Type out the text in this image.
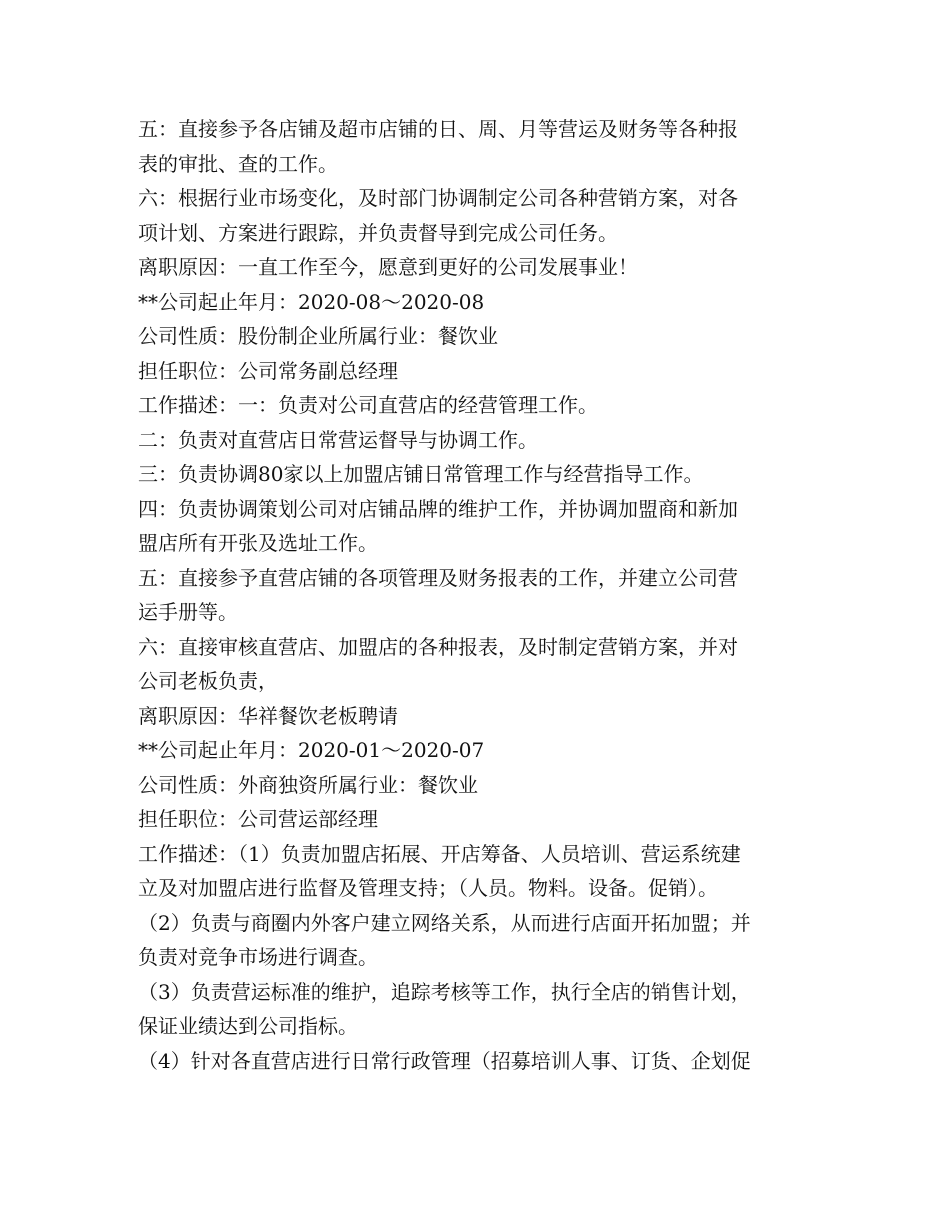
五：直接参予各店铺及超市店铺的日、周、月等营运及财务等各种报
表的审批、查的工作。
六：根据行业市场变化，及时部门协调制定公司各种营销方案，对各
项计划、方案进行跟踪，并负责督导到完成公司任务。
离职原因：一直工作至今，愿意到更好的公司发展事业！
**公司起止年月：2020-08～2020-08
公司性质：股份制企业所属行业：餐饮业
担任职位：公司常务副总经理
工作描述：一：负责对公司直营店的经营管理工作。
二：负责对直营店日常营运督导与协调工作。
三：负责协调80家以上加盟店铺日常管理工作与经营指导工作。
四：负责协调策划公司对店铺品牌的维护工作，并协调加盟商和新加
盟店所有开张及选址工作。
五：直接参予直营店铺的各项管理及财务报表的工作，并建立公司营
运手册等。
六：直接审核直营店、加盟店的各种报表，及时制定营销方案，并对
公司老板负责，
离职原因：华祥餐饮老板聘请
**公司起止年月：2020-01～2020-07
公司性质：外商独资所属行业：餐饮业
担任职位：公司营运部经理
工作描述：（1）负责加盟店拓展、开店筹备、人员培训、营运系统建
立及对加盟店进行监督及管理支持；（人员。物料。设备。促销）。
（2）负责与商圈内外客户建立网络关系，从而进行店面开拓加盟；并
负责对竞争市场进行调查。
（3）负责营运标准的维护，追踪考核等工作，执行全店的销售计划，
保证业绩达到公司指标。
（4）针对各直营店进行日常行政管理（招募培训人事、订货、企划促
